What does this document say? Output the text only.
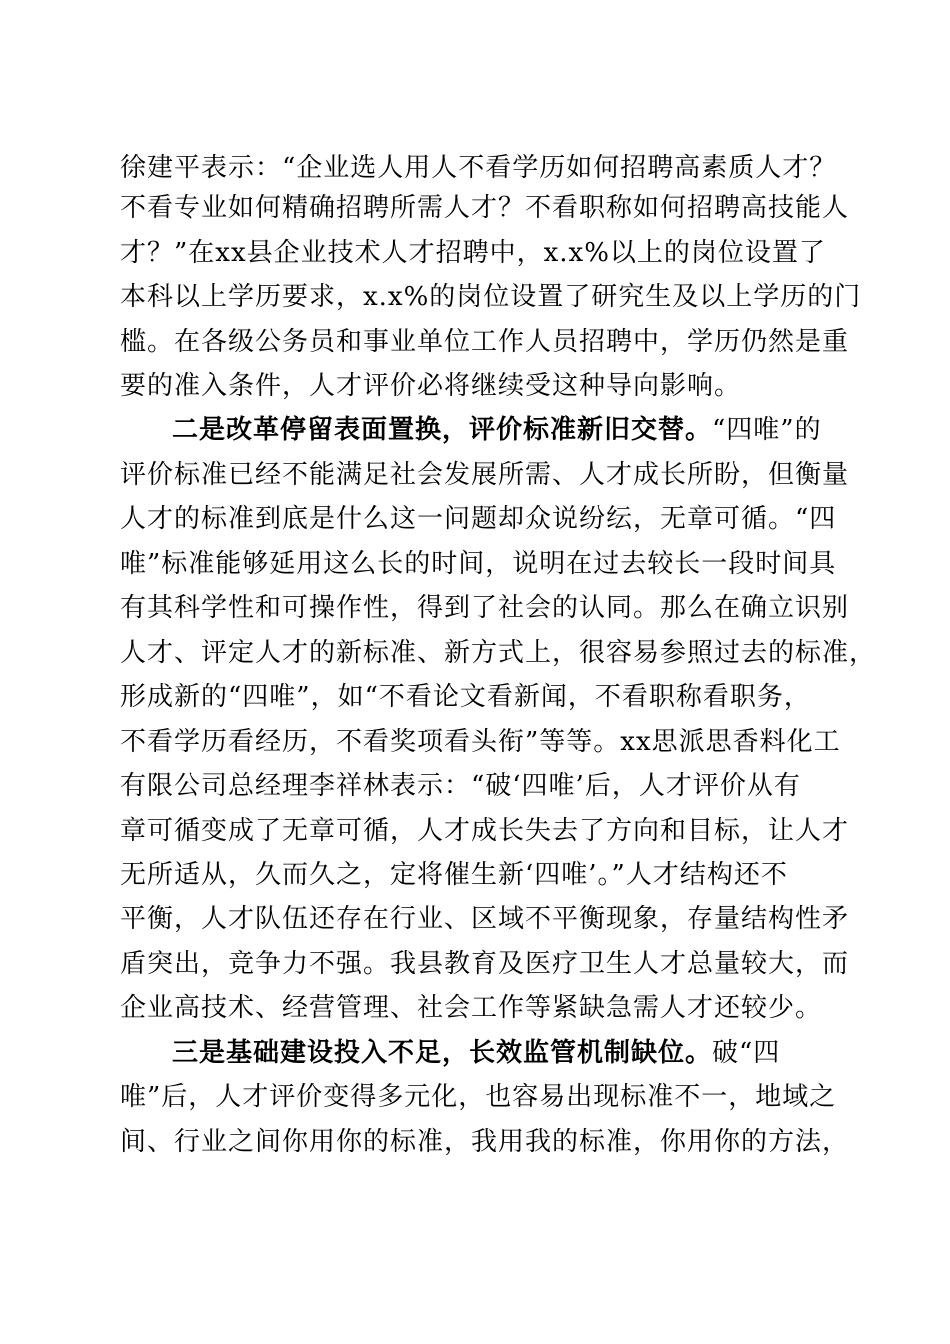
徐建平表示：“企业选人用人不看学历如何招聘高素质人才？
不看专业如何精确招聘所需人才？不看职称如何招聘高技能人
才？”在xx县企业技术人才招聘中，x.x%以上的岗位设置了
本科以上学历要求，x.x%的岗位设置了研究生及以上学历的门
槛。在各级公务员和事业单位工作人员招聘中，学历仍然是重
要的准入条件，人才评价必将继续受这种导向影响。
二是改革停留表面置换，评价标准新旧交替。“四唯”的
评价标准已经不能满足社会发展所需、人才成长所盼，但衡量
人才的标准到底是什么这一问题却众说纷纭，无章可循。“四
唯”标准能够延用这么长的时间，说明在过去较长一段时间具
有其科学性和可操作性，得到了社会的认同。那么在确立识别
人才、评定人才的新标准、新方式上，很容易参照过去的标准，
形成新的“四唯”，如“不看论文看新闻，不看职称看职务，
不看学历看经历，不看奖项看头衔”等等。xx思派思香料化工
有限公司总经理李祥林表示：“破‘四唯’后，人才评价从有
章可循变成了无章可循，人才成长失去了方向和目标，让人才
无所适从，久而久之，定将催生新‘四唯’。”人才结构还不
平衡，人才队伍还存在行业、区域不平衡现象，存量结构性矛
盾突出，竞争力不强。我县教育及医疗卫生人才总量较大，而
企业高技术、经营管理、社会工作等紧缺急需人才还较少。
三是基础建设投入不足，长效监管机制缺位。破“四
唯”后，人才评价变得多元化，也容易出现标准不一，地域之
间、行业之间你用你的标准，我用我的标准，你用你的方法，
